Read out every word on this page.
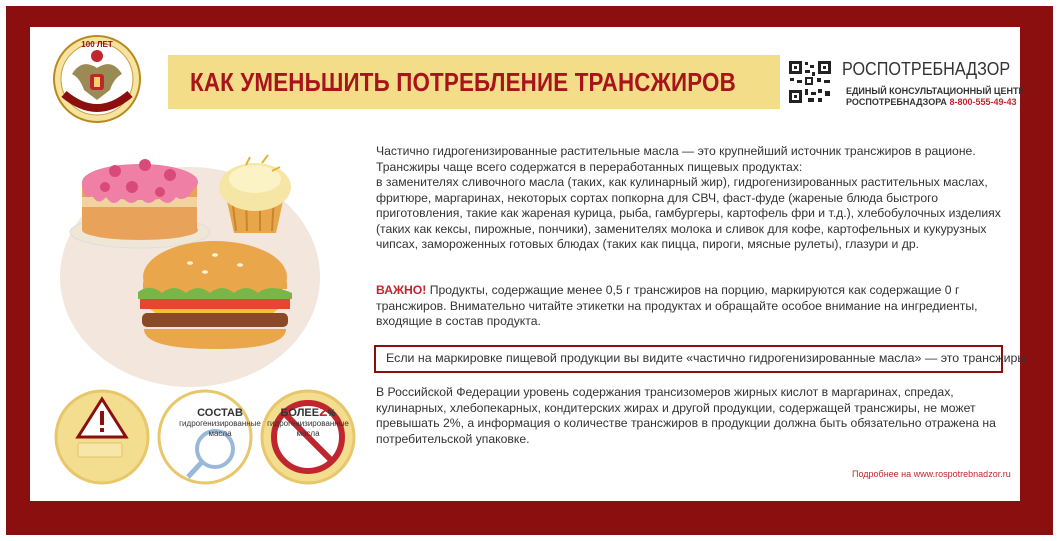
100 ЛЕТ
КАК УМЕНЬШИТЬ ПОТРЕБЛЕНИЕ ТРАНСЖИРОВ	РОСПОТРЕБНАДЗОР
ЕДИНЫЙ КОНСУЛЬТАЦИОННЫЙ ЦЕНТР
РОСПОТРЕБНАДЗОРА 8-800-555-49-43
СОСТАВ
гидрогенизированные
масла
БОЛЕЕ2%
гидрогенизированные
масла
Частично гидрогенизированные растительные масла — это крупнейший источник трансжиров в рационе.
Трансжиры чаще всего содержатся в переработанных пищевых продуктах:
в заменителях сливочного масла (таких, как кулинарный жир), гидрогенизированных растительных маслах,
фритюре, маргаринах, некоторых сортах попкорна для СВЧ, фаст-фуде (жареные блюда быстрого
приготовления, такие как жареная курица, рыба, гамбургеры, картофель фри и т.д.), хлебобулочных изделиях
(таких как кексы, пирожные, пончики), заменителях молока и сливок для кофе, картофельных и кукурузных
чипсах, замороженных готовых блюдах (таких как пицца, пироги, мясные рулеты), глазури и др.
ВАЖНО! Продукты, содержащие менее 0,5 г трансжиров на порцию, маркируются как содержащие 0 г
трансжиров. Внимательно читайте этикетки на продуктах и обращайте особое внимание на ингредиенты,
входящие в состав продукта.
Если на маркировке пищевой продукции вы видите «частично гидрогенизированные масла» — это трансжиры
В Российской Федерации уровень содержания трансизомеров жирных кислот в маргаринах, спредах,
кулинарных, хлебопекарных, кондитерских жирах и другой продукции, содержащей трансжиры, не может
превышать 2%, а информация о количестве трансжиров в продукции должна быть обязательно отражена на
потребительской упаковке.
Подробнее на www.rospotrebnadzor.ru
